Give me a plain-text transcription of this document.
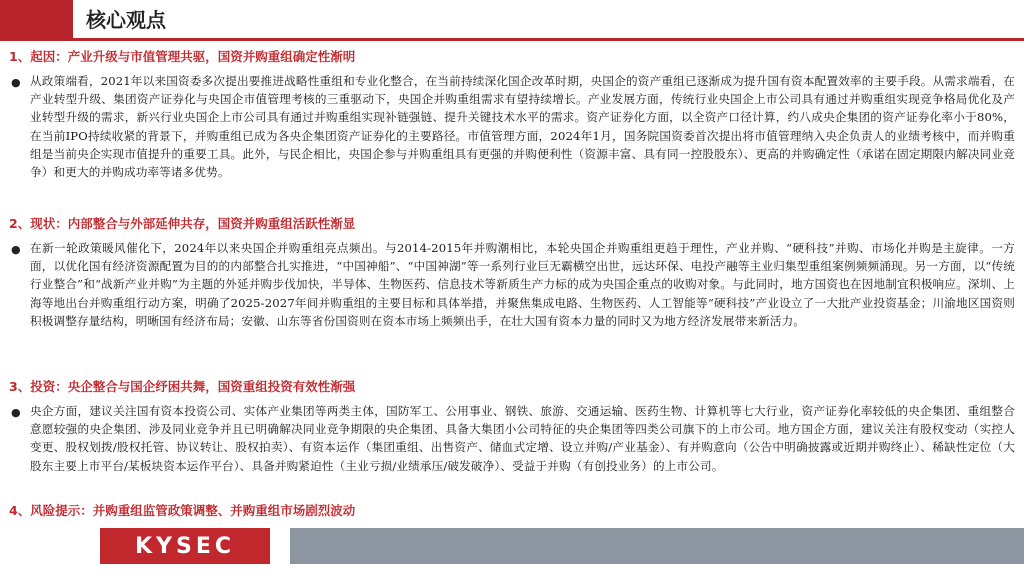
核心观点
1、起因：产业升级与市值管理共驱，国资并购重组确定性渐明
● 从政策端看，2021年以来国资委多次提出要推进战略性重组和专业化整合，在当前持续深化国企改革时期，央国企的资产重组已逐渐成为提升国有资本配置效率的主要手段。从需求端看，在产业转型升级、集团资产证券化与央国企市值管理考核的三重驱动下，央国企并购重组需求有望持续增长。产业发展方面，传统行业央国企上市公司具有通过并购重组实现竞争格局优化及产业转型升级的需求，新兴行业央国企上市公司具有通过并购重组实现补链强链、提升关键技术水平的需求。资产证券化方面，以全资产口径计算，约八成央企集团的资产证券化率小于80%，在当前IPO持续收紧的背景下，并购重组已成为各央企集团资产证券化的主要路径。市值管理方面，2024年1月，国务院国资委首次提出将市值管理纳入央企负责人的业绩考核中，而并购重组是当前央企实现市值提升的重要工具。此外，与民企相比，央国企参与并购重组具有更强的并购便利性（资源丰富、具有同一控股股东）、更高的并购确定性（承诺在固定期限内解决同业竞争）和更大的并购成功率等诸多优势。

2、现状：内部整合与外部延伸共存，国资并购重组活跃性渐显
● 在新一轮政策暖风催化下，2024年以来央国企并购重组亮点频出。与2014-2015年并购潮相比，本轮央国企并购重组更趋于理性，产业并购、“硬科技”并购、市场化并购是主旋律。一方面，以优化国有经济资源配置为目的的内部整合扎实推进，“中国神船”、“中国神湖”等一系列行业巨无霸横空出世，远达环保、电投产融等主业归集型重组案例频频涌现。另一方面，以“传统行业整合”和“战新产业并购”为主题的外延并购步伐加快，半导体、生物医药、信息技术等新质生产力标的成为央国企重点的收购对象。与此同时，地方国资也在因地制宜积极响应。深圳、上海等地出台并购重组行动方案，明确了2025-2027年间并购重组的主要目标和具体举措，并聚焦集成电路、生物医药、人工智能等“硬科技”产业设立了一大批产业投资基金；川渝地区国资则积极调整存量结构，明晰国有经济布局；安徽、山东等省份国资则在资本市场上频频出手，在壮大国有资本力量的同时又为地方经济发展带来新活力。

3、投资：央企整合与国企纾困共舞，国资重组投资有效性渐强
● 央企方面，建议关注国有资本投资公司、实体产业集团等两类主体，国防军工、公用事业、钢铁、旅游、交通运输、医药生物、计算机等七大行业，资产证券化率较低的央企集团、重组整合意愿较强的央企集团、涉及同业竞争并且已明确解决同业竞争期限的央企集团、具备大集团小公司特征的央企集团等四类公司旗下的上市公司。地方国企方面，建议关注有股权变动（实控人变更、股权划拨/股权托管、协议转让、股权拍卖）、有资本运作（集团重组、出售资产、储血式定增、设立并购/产业基金）、有并购意向（公告中明确披露或近期并购终止）、稀缺性定位（大股东主要上市平台/某板块资本运作平台）、具备并购紧迫性（主业亏损/业绩承压/破发破净）、受益于并购（有创投业务）的上市公司。

4、风险提示：并购重组监管政策调整、并购重组市场剧烈波动
KYSEC
